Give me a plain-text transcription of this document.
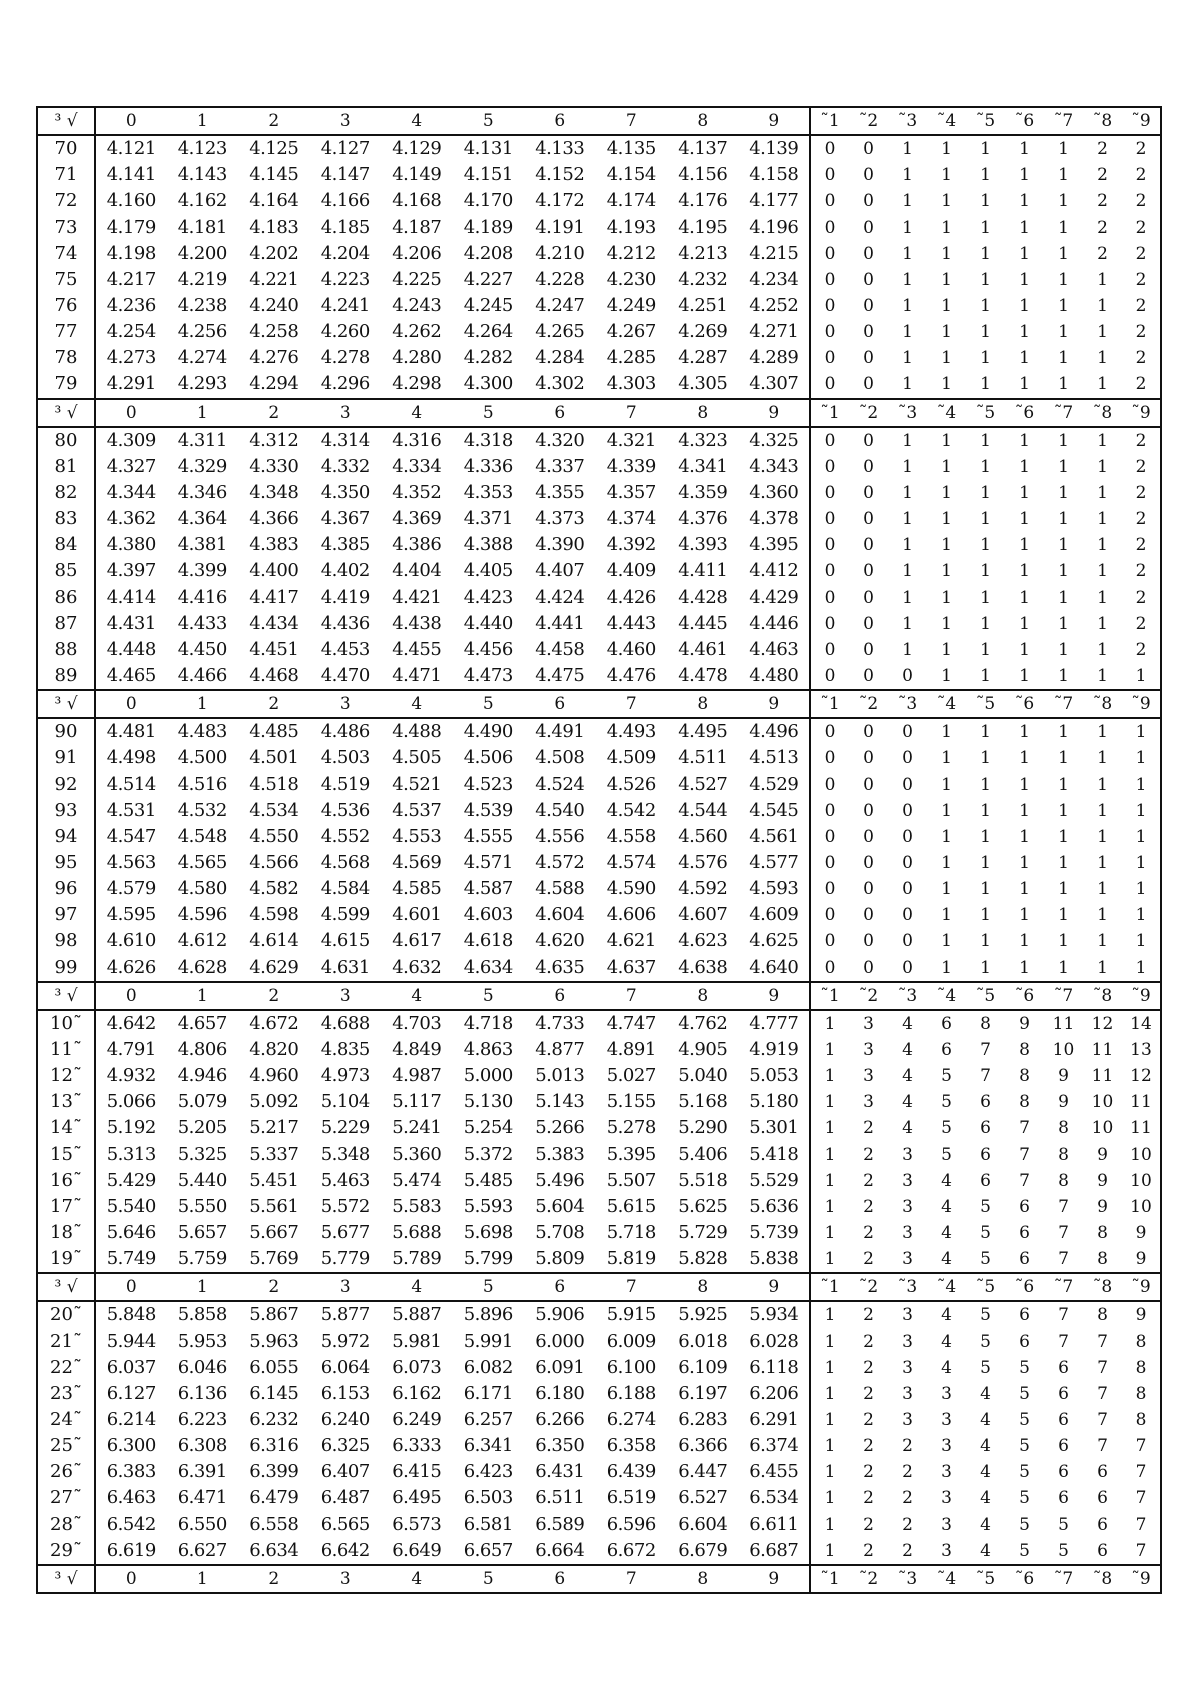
³ √	0	1	2	3	4	5	6	7	8	9	˜1	˜2	˜3	˜4	˜5	˜6	˜7	˜8	˜9
70	4.121	4.123	4.125	4.127	4.129	4.131	4.133	4.135	4.137	4.139	0	0	1	1	1	1	1	2	2
71	4.141	4.143	4.145	4.147	4.149	4.151	4.152	4.154	4.156	4.158	0	0	1	1	1	1	1	2	2
72	4.160	4.162	4.164	4.166	4.168	4.170	4.172	4.174	4.176	4.177	0	0	1	1	1	1	1	2	2
73	4.179	4.181	4.183	4.185	4.187	4.189	4.191	4.193	4.195	4.196	0	0	1	1	1	1	1	2	2
74	4.198	4.200	4.202	4.204	4.206	4.208	4.210	4.212	4.213	4.215	0	0	1	1	1	1	1	2	2
75	4.217	4.219	4.221	4.223	4.225	4.227	4.228	4.230	4.232	4.234	0	0	1	1	1	1	1	1	2
76	4.236	4.238	4.240	4.241	4.243	4.245	4.247	4.249	4.251	4.252	0	0	1	1	1	1	1	1	2
77	4.254	4.256	4.258	4.260	4.262	4.264	4.265	4.267	4.269	4.271	0	0	1	1	1	1	1	1	2
78	4.273	4.274	4.276	4.278	4.280	4.282	4.284	4.285	4.287	4.289	0	0	1	1	1	1	1	1	2
79	4.291	4.293	4.294	4.296	4.298	4.300	4.302	4.303	4.305	4.307	0	0	1	1	1	1	1	1	2
³ √	0	1	2	3	4	5	6	7	8	9	˜1	˜2	˜3	˜4	˜5	˜6	˜7	˜8	˜9
80	4.309	4.311	4.312	4.314	4.316	4.318	4.320	4.321	4.323	4.325	0	0	1	1	1	1	1	1	2
81	4.327	4.329	4.330	4.332	4.334	4.336	4.337	4.339	4.341	4.343	0	0	1	1	1	1	1	1	2
82	4.344	4.346	4.348	4.350	4.352	4.353	4.355	4.357	4.359	4.360	0	0	1	1	1	1	1	1	2
83	4.362	4.364	4.366	4.367	4.369	4.371	4.373	4.374	4.376	4.378	0	0	1	1	1	1	1	1	2
84	4.380	4.381	4.383	4.385	4.386	4.388	4.390	4.392	4.393	4.395	0	0	1	1	1	1	1	1	2
85	4.397	4.399	4.400	4.402	4.404	4.405	4.407	4.409	4.411	4.412	0	0	1	1	1	1	1	1	2
86	4.414	4.416	4.417	4.419	4.421	4.423	4.424	4.426	4.428	4.429	0	0	1	1	1	1	1	1	2
87	4.431	4.433	4.434	4.436	4.438	4.440	4.441	4.443	4.445	4.446	0	0	1	1	1	1	1	1	2
88	4.448	4.450	4.451	4.453	4.455	4.456	4.458	4.460	4.461	4.463	0	0	1	1	1	1	1	1	2
89	4.465	4.466	4.468	4.470	4.471	4.473	4.475	4.476	4.478	4.480	0	0	0	1	1	1	1	1	1
³ √	0	1	2	3	4	5	6	7	8	9	˜1	˜2	˜3	˜4	˜5	˜6	˜7	˜8	˜9
90	4.481	4.483	4.485	4.486	4.488	4.490	4.491	4.493	4.495	4.496	0	0	0	1	1	1	1	1	1
91	4.498	4.500	4.501	4.503	4.505	4.506	4.508	4.509	4.511	4.513	0	0	0	1	1	1	1	1	1
92	4.514	4.516	4.518	4.519	4.521	4.523	4.524	4.526	4.527	4.529	0	0	0	1	1	1	1	1	1
93	4.531	4.532	4.534	4.536	4.537	4.539	4.540	4.542	4.544	4.545	0	0	0	1	1	1	1	1	1
94	4.547	4.548	4.550	4.552	4.553	4.555	4.556	4.558	4.560	4.561	0	0	0	1	1	1	1	1	1
95	4.563	4.565	4.566	4.568	4.569	4.571	4.572	4.574	4.576	4.577	0	0	0	1	1	1	1	1	1
96	4.579	4.580	4.582	4.584	4.585	4.587	4.588	4.590	4.592	4.593	0	0	0	1	1	1	1	1	1
97	4.595	4.596	4.598	4.599	4.601	4.603	4.604	4.606	4.607	4.609	0	0	0	1	1	1	1	1	1
98	4.610	4.612	4.614	4.615	4.617	4.618	4.620	4.621	4.623	4.625	0	0	0	1	1	1	1	1	1
99	4.626	4.628	4.629	4.631	4.632	4.634	4.635	4.637	4.638	4.640	0	0	0	1	1	1	1	1	1
³ √	0	1	2	3	4	5	6	7	8	9	˜1	˜2	˜3	˜4	˜5	˜6	˜7	˜8	˜9
10˜	4.642	4.657	4.672	4.688	4.703	4.718	4.733	4.747	4.762	4.777	1	3	4	6	8	9	11	12	14
11˜	4.791	4.806	4.820	4.835	4.849	4.863	4.877	4.891	4.905	4.919	1	3	4	6	7	8	10	11	13
12˜	4.932	4.946	4.960	4.973	4.987	5.000	5.013	5.027	5.040	5.053	1	3	4	5	7	8	9	11	12
13˜	5.066	5.079	5.092	5.104	5.117	5.130	5.143	5.155	5.168	5.180	1	3	4	5	6	8	9	10	11
14˜	5.192	5.205	5.217	5.229	5.241	5.254	5.266	5.278	5.290	5.301	1	2	4	5	6	7	8	10	11
15˜	5.313	5.325	5.337	5.348	5.360	5.372	5.383	5.395	5.406	5.418	1	2	3	5	6	7	8	9	10
16˜	5.429	5.440	5.451	5.463	5.474	5.485	5.496	5.507	5.518	5.529	1	2	3	4	6	7	8	9	10
17˜	5.540	5.550	5.561	5.572	5.583	5.593	5.604	5.615	5.625	5.636	1	2	3	4	5	6	7	9	10
18˜	5.646	5.657	5.667	5.677	5.688	5.698	5.708	5.718	5.729	5.739	1	2	3	4	5	6	7	8	9
19˜	5.749	5.759	5.769	5.779	5.789	5.799	5.809	5.819	5.828	5.838	1	2	3	4	5	6	7	8	9
³ √	0	1	2	3	4	5	6	7	8	9	˜1	˜2	˜3	˜4	˜5	˜6	˜7	˜8	˜9
20˜	5.848	5.858	5.867	5.877	5.887	5.896	5.906	5.915	5.925	5.934	1	2	3	4	5	6	7	8	9
21˜	5.944	5.953	5.963	5.972	5.981	5.991	6.000	6.009	6.018	6.028	1	2	3	4	5	6	7	7	8
22˜	6.037	6.046	6.055	6.064	6.073	6.082	6.091	6.100	6.109	6.118	1	2	3	4	5	5	6	7	8
23˜	6.127	6.136	6.145	6.153	6.162	6.171	6.180	6.188	6.197	6.206	1	2	3	3	4	5	6	7	8
24˜	6.214	6.223	6.232	6.240	6.249	6.257	6.266	6.274	6.283	6.291	1	2	3	3	4	5	6	7	8
25˜	6.300	6.308	6.316	6.325	6.333	6.341	6.350	6.358	6.366	6.374	1	2	2	3	4	5	6	7	7
26˜	6.383	6.391	6.399	6.407	6.415	6.423	6.431	6.439	6.447	6.455	1	2	2	3	4	5	6	6	7
27˜	6.463	6.471	6.479	6.487	6.495	6.503	6.511	6.519	6.527	6.534	1	2	2	3	4	5	6	6	7
28˜	6.542	6.550	6.558	6.565	6.573	6.581	6.589	6.596	6.604	6.611	1	2	2	3	4	5	5	6	7
29˜	6.619	6.627	6.634	6.642	6.649	6.657	6.664	6.672	6.679	6.687	1	2	2	3	4	5	5	6	7
³ √	0	1	2	3	4	5	6	7	8	9	˜1	˜2	˜3	˜4	˜5	˜6	˜7	˜8	˜9
